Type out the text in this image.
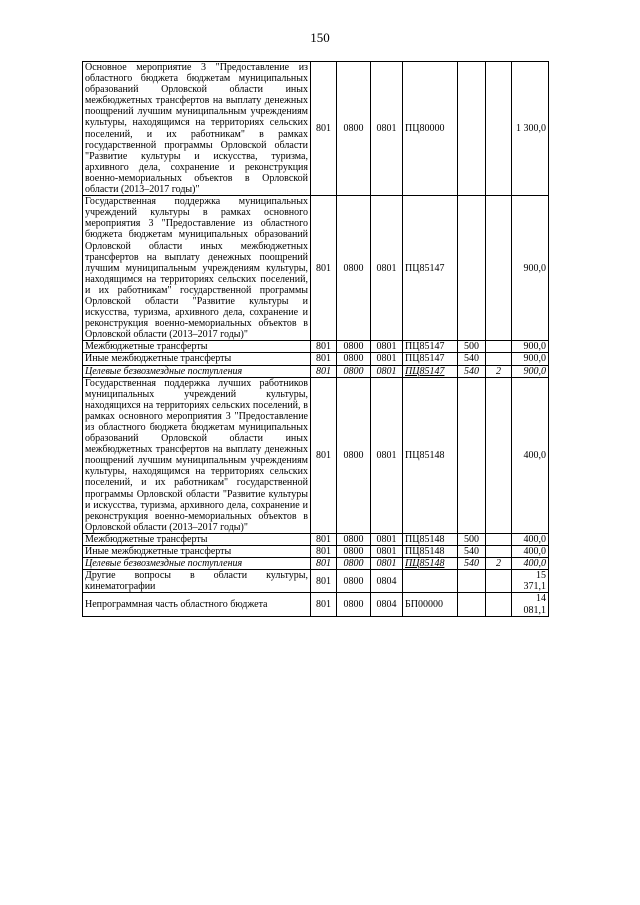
150
Основное мероприятие 3 "Предоставление из областного бюджета бюджетам муниципальных образований Орловской области иных межбюджетных трансфертов на выплату денежных поощрений лучшим муниципальным учреждениям культуры, находящимся на территориях сельских поселений, и их работникам" в рамках государственной программы Орловской области "Развитие культуры и искусства, туризма, архивного дела, сохранение и реконструкция военно-мемориальных объектов в Орловской области (2013–2017 годы)"	801	0800	0801	ПЦ80000			1 300,0
Государственная поддержка муниципальных учреждений культуры в рамках основного мероприятия 3 "Предоставление из областного бюджета бюджетам муниципальных образований Орловской области иных межбюджетных трансфертов на выплату денежных поощрений лучшим муниципальным учреждениям культуры, находящимся на территориях сельских поселений, и их работникам" государственной программы Орловской области "Развитие культуры и искусства, туризма, архивного дела, сохранение и реконструкция военно-мемориальных объектов в Орловской области (2013–2017 годы)"	801	0800	0801	ПЦ85147			900,0
Межбюджетные трансферты	801	0800	0801	ПЦ85147	500		900,0
Иные межбюджетные трансферты	801	0800	0801	ПЦ85147	540		900,0
Целевые безвозмездные поступления	801	0800	0801	ПЦ85147	540	2	900,0
Государственная поддержка лучших работников муниципальных учреждений культуры, находящихся на территориях сельских поселений, в рамках основного мероприятия 3 "Предоставление из областного бюджета бюджетам муниципальных образований Орловской области иных межбюджетных трансфертов на выплату денежных поощрений лучшим муниципальным учреждениям культуры, находящимся на территориях сельских поселений, и их работникам" государственной программы Орловской области "Развитие культуры и искусства, туризма, архивного дела, сохранение и реконструкция военно-мемориальных объектов в Орловской области (2013–2017 годы)"	801	0800	0801	ПЦ85148			400,0
Межбюджетные трансферты	801	0800	0801	ПЦ85148	500		400,0
Иные межбюджетные трансферты	801	0800	0801	ПЦ85148	540		400,0
Целевые безвозмездные поступления	801	0800	0801	ПЦ85148	540	2	400,0
Другие вопросы в области культуры, кинематографии	801	0800	0804				15 371,1
Непрограммная часть областного бюджета	801	0800	0804	БП00000			14 081,1
